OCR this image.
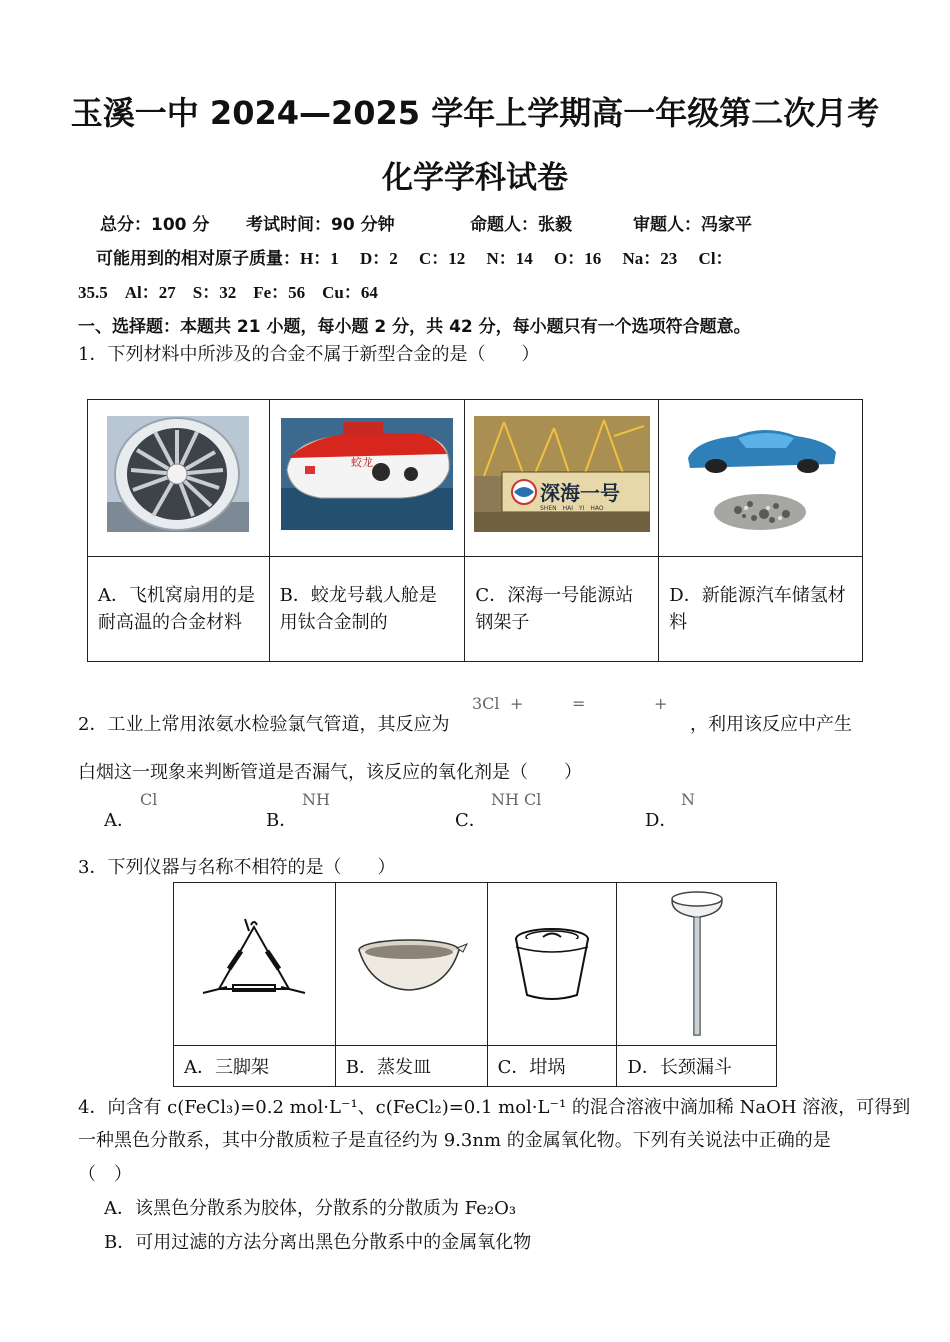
玉溪一中 2024—2025 学年上学期高一年级第二次月考
化学学科试卷
总分：100 分 考试时间：90 分钟	命题人：张毅	审题人：冯家平
可能用到的相对原子质量：H：1　 D：2　 C：12　 N：14　 O：16　 Na：23　 Cl：
35.5　Al：27　S：32　Fe：56　Cu：64
一、选择题：本题共 21 小题，每小题 2 分，共 42 分，每小题只有一个选项符合题意。
1．下列材料中所涉及的合金不属于新型合金的是（　　）

蛟龙	深海一号
SHEN　HAI　YI　HAO

A．飞机窝扇用的是耐高温的合金材料	B．蛟龙号载人舱是用钛合金制的	C．深海一号能源站钢架子	D．新能源汽车储氢材料
3Cl +	=	+
2．工业上常用浓氨水检验氯气管道，其反应为	，利用该反应中产生
白烟这一现象来判断管道是否漏气，该反应的氧化剂是（　　）
A．
Cl
B．
NH
C．
NH Cl
D．
N
3．下列仪器与名称不相符的是（　　）

A．三脚架	B．蒸发皿	C．坩埚	D．长颈漏斗
4．向含有 c(FeCl₃)=0.2 mol·L⁻¹、c(FeCl₂)=0.1 mol·L⁻¹ 的混合溶液中滴加稀 NaOH 溶液，可得到
一种黑色分散系，其中分散质粒子是直径约为 9.3nm 的金属氧化物。下列有关说法中正确的是
（　）
A．该黑色分散系为胶体，分散系的分散质为 Fe₂O₃
B．可用过滤的方法分离出黑色分散系中的金属氧化物
